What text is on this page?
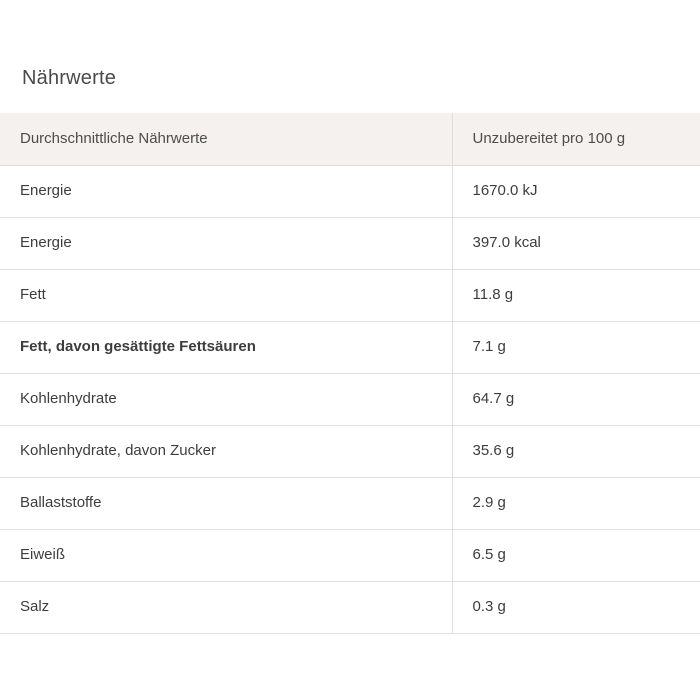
Nährwerte
Durchschnittliche Nährwerte	Unzubereitet pro 100 g
Energie	1670.0 kJ
Energie	397.0 kcal
Fett	11.8 g
Fett, davon gesättigte Fettsäuren	7.1 g
Kohlenhydrate	64.7 g
Kohlenhydrate, davon Zucker	35.6 g
Ballaststoffe	2.9 g
Eiweiß	6.5 g
Salz	0.3 g
